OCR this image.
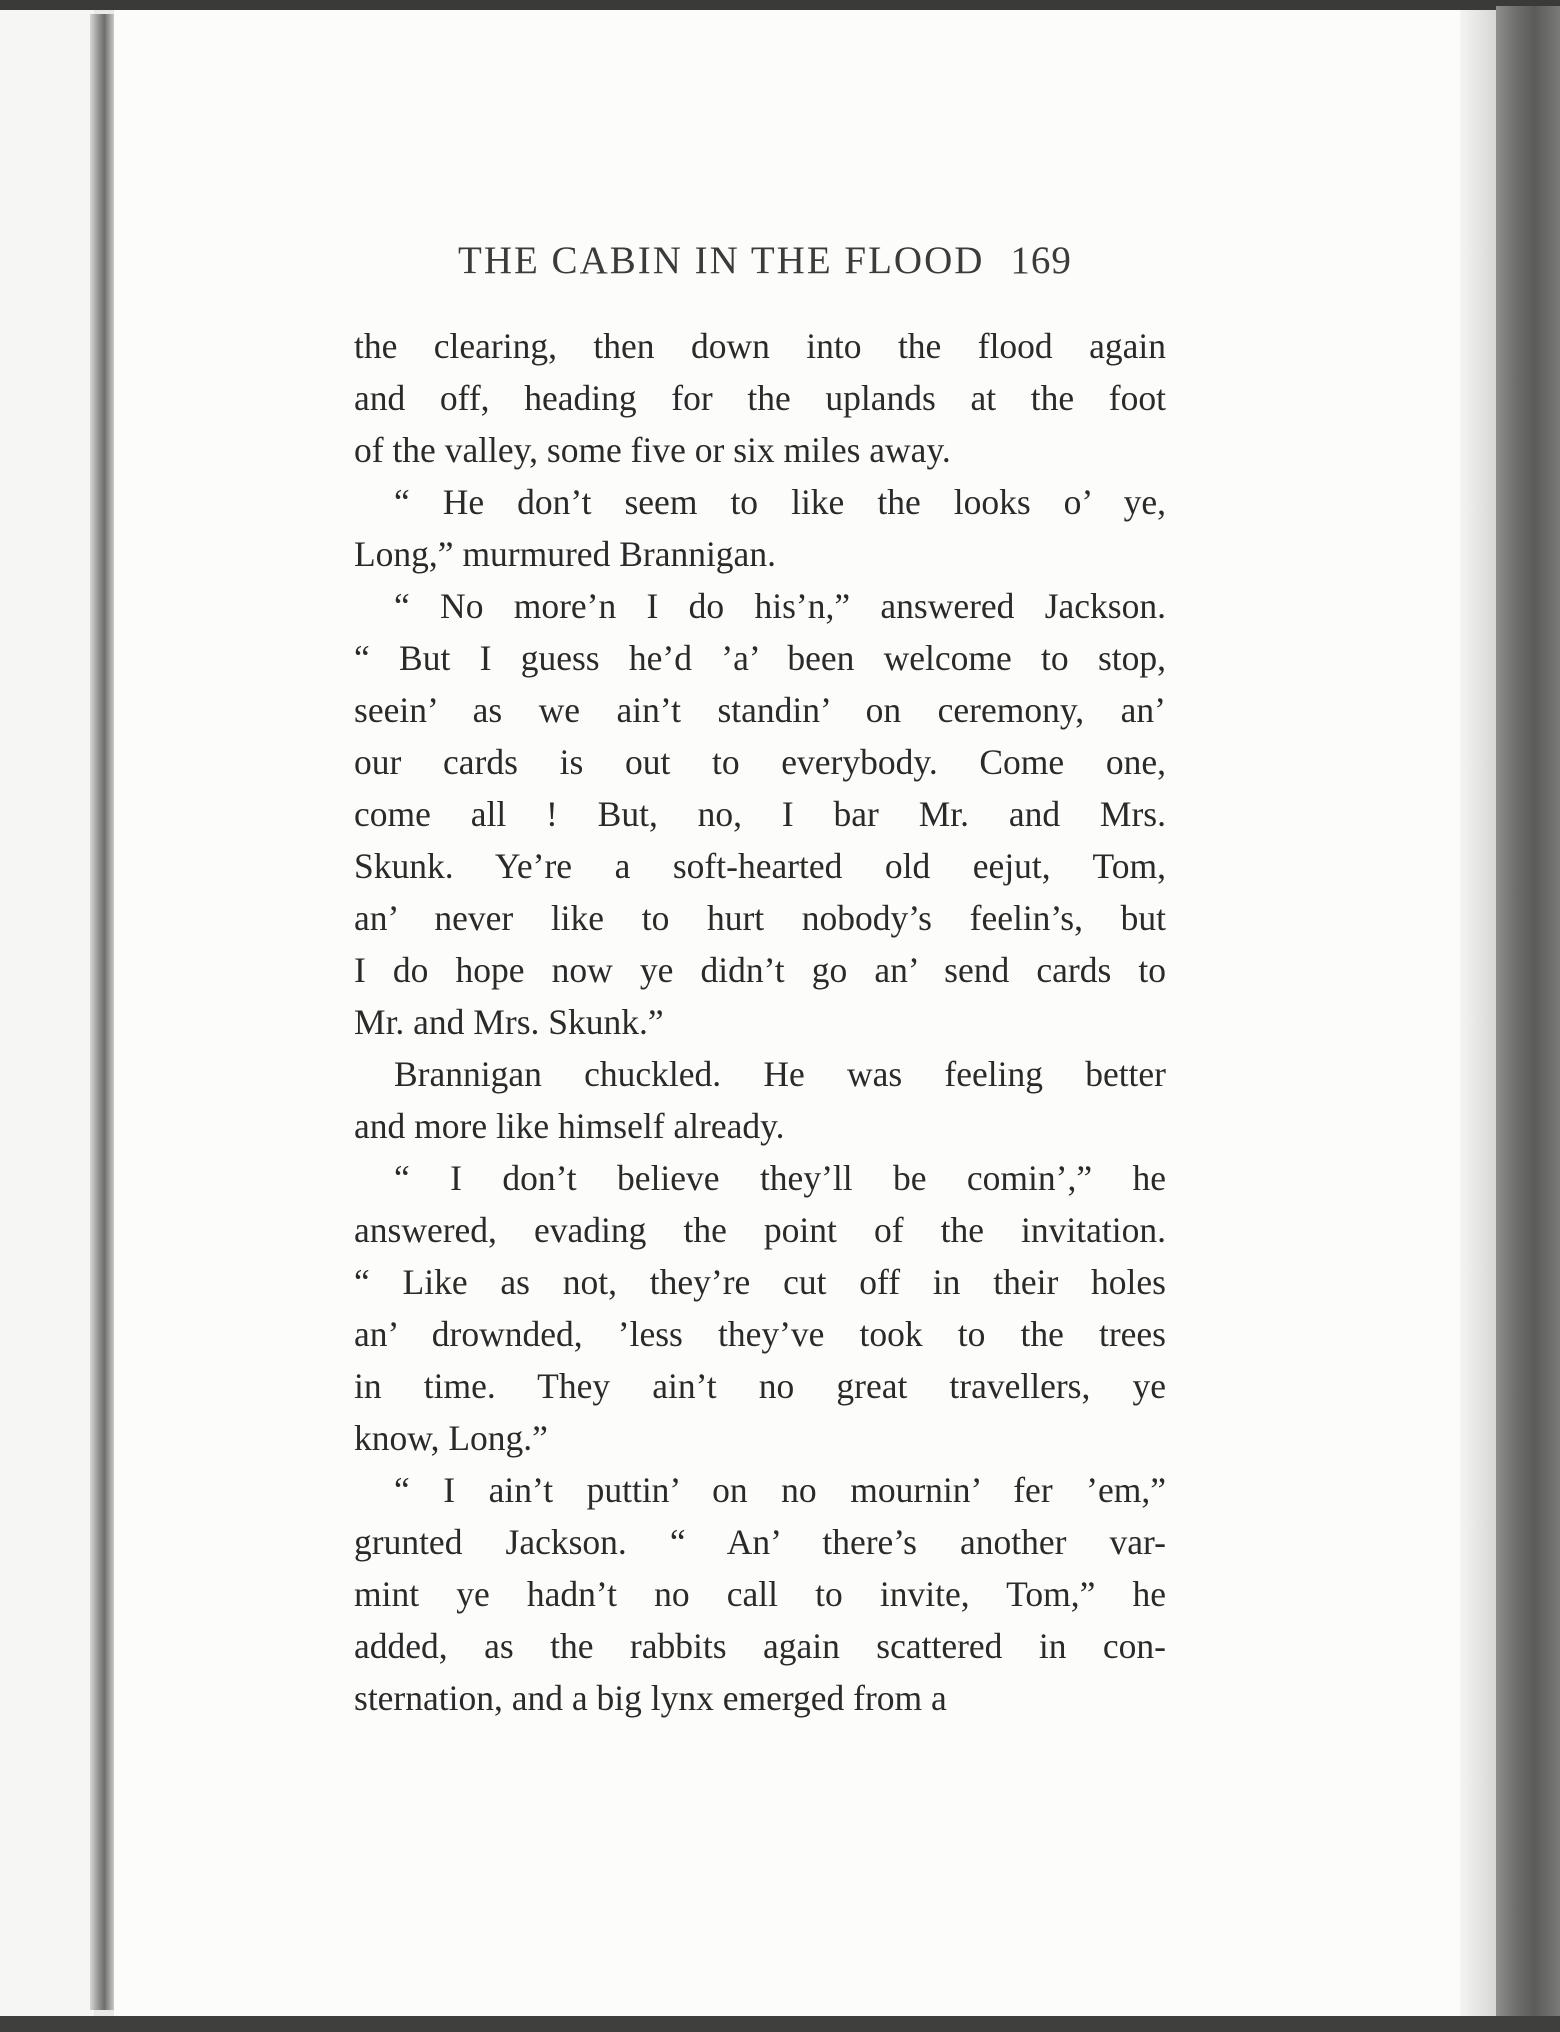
THE CABIN IN THE FLOOD 169
the clearing, then down into the flood again
and off, heading for the uplands at the foot
of the valley, some five or six miles away.
“ He don’t seem to like the looks o’ ye,
Long,” murmured Brannigan.
“ No more’n I do his’n,” answered Jackson.
“ But I guess he’d ’a’ been welcome to stop,
seein’ as we ain’t standin’ on ceremony, an’
our cards is out to everybody. Come one,
come all ! But, no, I bar Mr. and Mrs.
Skunk. Ye’re a soft-hearted old eejut, Tom,
an’ never like to hurt nobody’s feelin’s, but
I do hope now ye didn’t go an’ send cards to
Mr. and Mrs. Skunk.”
Brannigan chuckled. He was feeling better
and more like himself already.
“ I don’t believe they’ll be comin’,” he
answered, evading the point of the invitation.
“ Like as not, they’re cut off in their holes
an’ drownded, ’less they’ve took to the trees
in time. They ain’t no great travellers, ye
know, Long.”
“ I ain’t puttin’ on no mournin’ fer ’em,”
grunted Jackson. “ An’ there’s another var-
mint ye hadn’t no call to invite, Tom,” he
added, as the rabbits again scattered in con-
sternation, and a big lynx emerged from a
